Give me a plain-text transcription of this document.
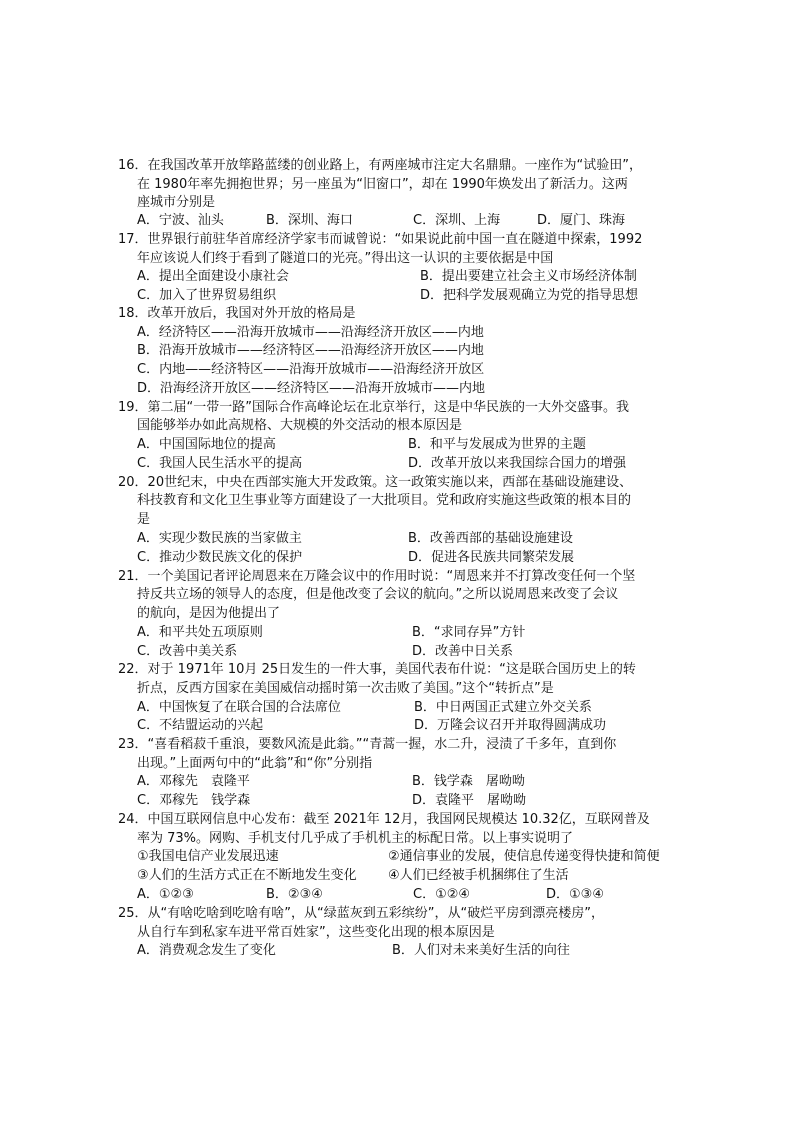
16．在我国改革开放筚路蓝缕的创业路上，有两座城市注定大名鼎鼎。一座作为“试验田”，
在 1980年率先拥抱世界；另一座虽为“旧窗口”，却在 1990年焕发出了新活力。这两
座城市分别是
A．宁波、汕头	B．深圳、海口	C．深圳、上海	D．厦门、珠海
17．世界银行前驻华首席经济学家韦而诚曾说：“如果说此前中国一直在隧道中探索，1992
年应该说人们终于看到了隧道口的光亮。”得出这一认识的主要依据是中国
A．提出全面建设小康社会	B．提出要建立社会主义市场经济体制
C．加入了世界贸易组织	D．把科学发展观确立为党的指导思想
18．改革开放后，我国对外开放的格局是
A．经济特区——沿海开放城市——沿海经济开放区——内地
B．沿海开放城市——经济特区——沿海经济开放区——内地
C．内地——经济特区——沿海开放城市——沿海经济开放区
D．沿海经济开放区——经济特区——沿海开放城市——内地
19．第二届“一带一路”国际合作高峰论坛在北京举行，这是中华民族的一大外交盛事。我
国能够举办如此高规格、大规模的外交活动的根本原因是
A．中国国际地位的提高	B．和平与发展成为世界的主题
C．我国人民生活水平的提高	D．改革开放以来我国综合国力的增强
20．20世纪末，中央在西部实施大开发政策。这一政策实施以来，西部在基础设施建设、
科技教育和文化卫生事业等方面建设了一大批项目。党和政府实施这些政策的根本目的
是
A．实现少数民族的当家做主	B．改善西部的基础设施建设
C．推动少数民族文化的保护	D．促进各民族共同繁荣发展
21．一个美国记者评论周恩来在万隆会议中的作用时说：“周恩来并不打算改变任何一个坚
持反共立场的领导人的态度，但是他改变了会议的航向。”之所以说周恩来改变了会议
的航向，是因为他提出了
A．和平共处五项原则	B．“求同存异”方针
C．改善中美关系	D．改善中日关系
22．对于 1971年 10月 25日发生的一件大事，美国代表布什说：“这是联合国历史上的转
折点，反西方国家在美国威信动摇时第一次击败了美国。”这个“转折点”是
A．中国恢复了在联合国的合法席位	B．中日两国正式建立外交关系
C．不结盟运动的兴起	D．万隆会议召开并取得圆满成功
23．“喜看稻菽千重浪，要数风流是此翁。”“青蒿一握，水二升，浸渍了千多年，直到你
出现。”上面两句中的“此翁”和“你”分别指
A．邓稼先　袁隆平	B．钱学森　屠呦呦
C．邓稼先　钱学森	D．袁隆平　屠呦呦
24．中国互联网信息中心发布：截至 2021年 12月，我国网民规模达 10.32亿，互联网普及
率为 73%。网购、手机支付几乎成了手机机主的标配日常。以上事实说明了
①我国电信产业发展迅速	②通信事业的发展，使信息传递变得快捷和简便
③人们的生活方式正在不断地发生变化 ④人们已经被手机捆绑住了生活
A．①②③	B．②③④	C．①②④	D．①③④
25．从“有啥吃啥到吃啥有啥”，从“绿蓝灰到五彩缤纷”，从“破烂平房到漂亮楼房”，
从自行车到私家车进平常百姓家”，这些变化出现的根本原因是
A．消费观念发生了变化	B．人们对未来美好生活的向往
